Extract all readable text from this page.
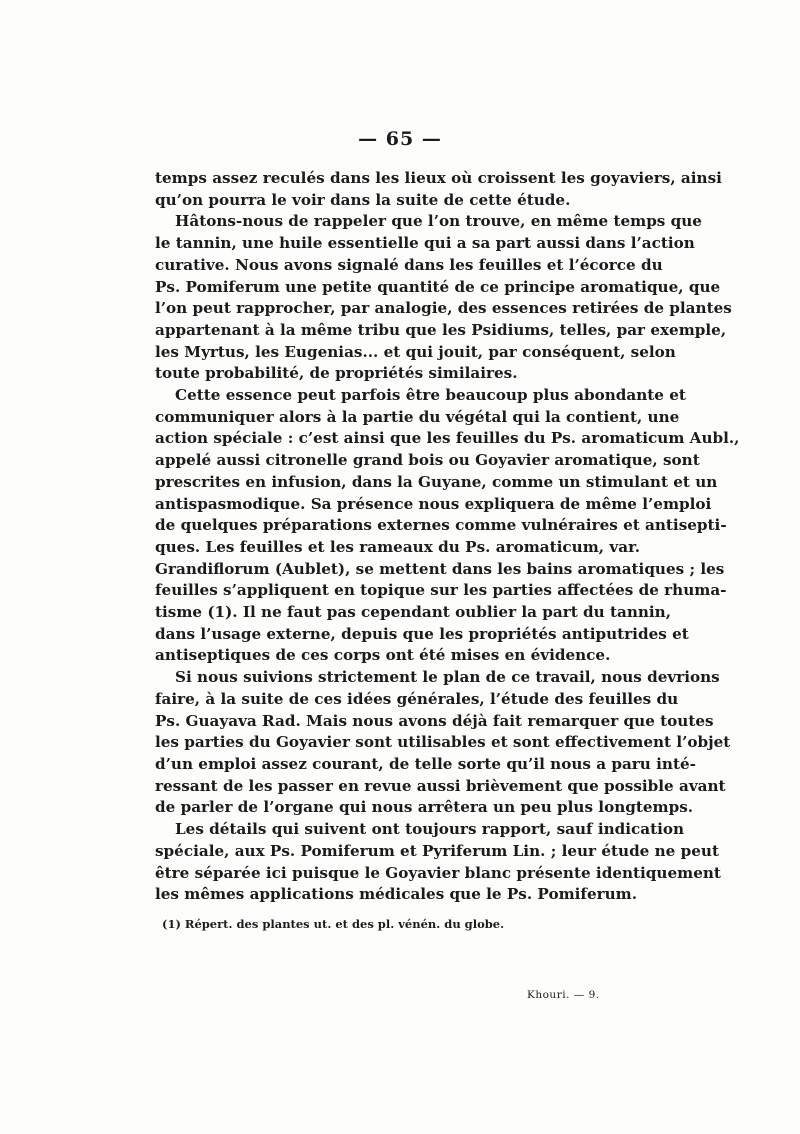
— 65 —
temps assez reculés dans les lieux où croissent les goyaviers, ainsi
qu’on pourra le voir dans la suite de cette étude.
Hâtons-nous de rappeler que l’on trouve, en même temps que
le tannin, une huile essentielle qui a sa part aussi dans l’action
curative. Nous avons signalé dans les feuilles et l’écorce du
Ps. Pomiferum une petite quantité de ce principe aromatique, que
l’on peut rapprocher, par analogie, des essences retirées de plantes
appartenant à la même tribu que les Psidiums, telles, par exemple,
les Myrtus, les Eugenias... et qui jouit, par conséquent, selon
toute probabilité, de propriétés similaires.
Cette essence peut parfois être beaucoup plus abondante et
communiquer alors à la partie du végétal qui la contient, une
action spéciale : c’est ainsi que les feuilles du Ps. aromaticum Aubl.,
appelé aussi citronelle grand bois ou Goyavier aromatique, sont
prescrites en infusion, dans la Guyane, comme un stimulant et un
antispasmodique. Sa présence nous expliquera de même l’emploi
de quelques préparations externes comme vulnéraires et antisepti-
ques. Les feuilles et les rameaux du Ps. aromaticum, var.
Grandiflorum (Aublet), se mettent dans les bains aromatiques ; les
feuilles s’appliquent en topique sur les parties affectées de rhuma-
tisme (1). Il ne faut pas cependant oublier la part du tannin,
dans l’usage externe, depuis que les propriétés antiputrides et
antiseptiques de ces corps ont été mises en évidence.
Si nous suivions strictement le plan de ce travail, nous devrions
faire, à la suite de ces idées générales, l’étude des feuilles du
Ps. Guayava Rad. Mais nous avons déjà fait remarquer que toutes
les parties du Goyavier sont utilisables et sont effectivement l’objet
d’un emploi assez courant, de telle sorte qu’il nous a paru inté-
ressant de les passer en revue aussi brièvement que possible avant
de parler de l’organe qui nous arrêtera un peu plus longtemps.
Les détails qui suivent ont toujours rapport, sauf indication
spéciale, aux Ps. Pomiferum et Pyriferum Lin. ; leur étude ne peut
être séparée ici puisque le Goyavier blanc présente identiquement
les mêmes applications médicales que le Ps. Pomiferum.
(1) Répert. des plantes ut. et des pl. vénén. du globe.
Khouri. — 9.
